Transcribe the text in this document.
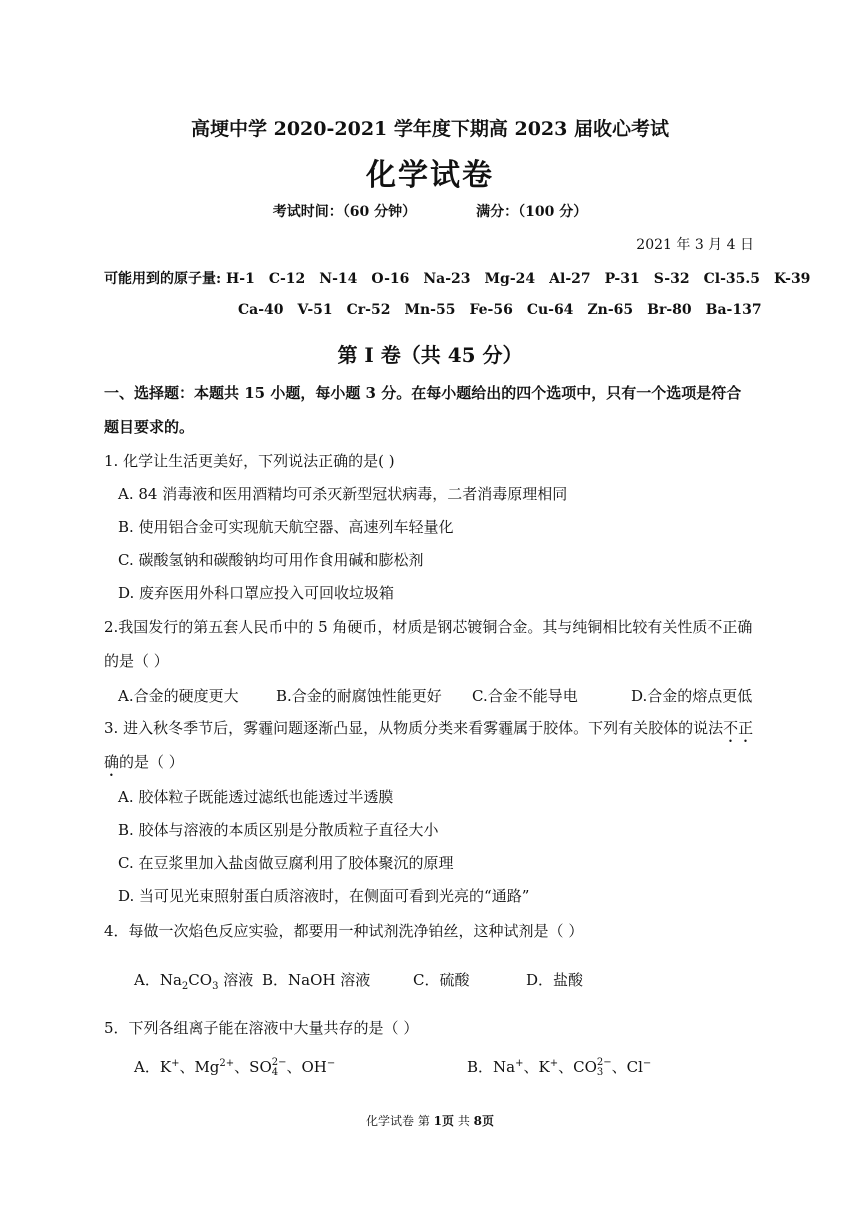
高埂中学 2020-2021 学年度下期高 2023 届收心考试
化学试卷
考试时间：（60 分钟）	满分：（100 分）
2021 年 3 月 4 日
可能用到的原子量: H-1 C-12 N-14 O-16 Na-23 Mg-24 Al-27 P-31 S-32 Cl-35.5 K-39
Ca-40 V-51 Cr-52 Mn-55 Fe-56 Cu-64 Zn-65 Br-80 Ba-137
第 I 卷（共 45 分）
一、选择题：本题共 15 小题，每小题 3 分。在每小题给出的四个选项中，只有一个选项是符合题目要求的。
1. 化学让生活更美好，下列说法正确的是( )
A. 84 消毒液和医用酒精均可杀灭新型冠状病毒，二者消毒原理相同
B. 使用铝合金可实现航天航空器、高速列车轻量化
C. 碳酸氢钠和碳酸钠均可用作食用碱和膨松剂
D. 废弃医用外科口罩应投入可回收垃圾箱
2.我国发行的第五套人民币中的 5 角硬币，材质是钢芯镀铜合金。其与纯铜相比较有关性质不正确
的是（ ）
A.合金的硬度更大 B.合金的耐腐蚀性能更好 C.合金不能导电	D.合金的熔点更低
3. 进入秋冬季节后，雾霾问题逐渐凸显，从物质分类来看雾霾属于胶体。下列有关胶体的说法不正
确的是（ ）
A. 胶体粒子既能透过滤纸也能透过半透膜
B. 胶体与溶液的本质区别是分散质粒子直径大小
C. 在豆浆里加入盐卤做豆腐利用了胶体聚沉的原理
D. 当可见光束照射蛋白质溶液时，在侧面可看到光亮的“通路”
4．每做一次焰色反应实验，都要用一种试剂洗净铂丝，这种试剂是（ ）
A．$Na_2CO_3$ 溶液 B．NaOH 溶液	C．硫酸	D．盐酸
5．下列各组离子能在溶液中大量共存的是（ ）
A．K+、$Mg^{2+}$、SO 2−
4 、OH−	B．Na+、K+、CO 2−
3 、Cl−
化学试卷 第 1页 共 8页
